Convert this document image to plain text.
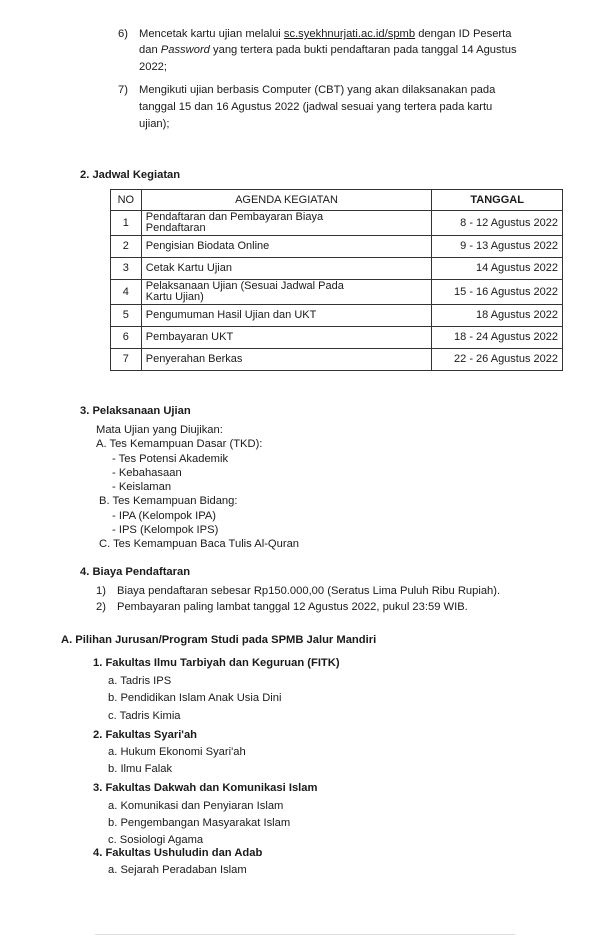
6) Mencetak kartu ujian melalui sc.syekhnurjati.ac.id/spmb dengan ID Peserta
dan Password yang tertera pada bukti pendaftaran pada tanggal 14 Agustus
2022;
7) Mengikuti ujian berbasis Computer (CBT) yang akan dilaksanakan pada
tanggal 15 dan 16 Agustus 2022 (jadwal sesuai yang tertera pada kartu
ujian);
2. Jadwal Kegiatan
NO	AGENDA KEGIATAN	TANGGAL
1	Pendaftaran dan Pembayaran Biaya
Pendaftaran	8 - 12 Agustus 2022
2	Pengisian Biodata Online	9 - 13 Agustus 2022
3	Cetak Kartu Ujian	14 Agustus 2022
4	Pelaksanaan Ujian (Sesuai Jadwal Pada
Kartu Ujian)	15 - 16 Agustus 2022
5	Pengumuman Hasil Ujian dan UKT	18 Agustus 2022
6	Pembayaran UKT	18 - 24 Agustus 2022
7	Penyerahan Berkas	22 - 26 Agustus 2022
3. Pelaksanaan Ujian
Mata Ujian yang Diujikan:
A. Tes Kemampuan Dasar (TKD):
- Tes Potensi Akademik
- Kebahasaan
- Keislaman
B. Tes Kemampuan Bidang:
- IPA (Kelompok IPA)
- IPS (Kelompok IPS)
C. Tes Kemampuan Baca Tulis Al-Quran
4. Biaya Pendaftaran
1) Biaya pendaftaran sebesar Rp150.000,00 (Seratus Lima Puluh Ribu Rupiah).
2) Pembayaran paling lambat tanggal 12 Agustus 2022, pukul 23:59 WIB.
A. Pilihan Jurusan/Program Studi pada SPMB Jalur Mandiri
1. Fakultas Ilmu Tarbiyah dan Keguruan (FITK)
a. Tadris IPS
b. Pendidikan Islam Anak Usia Dini
c. Tadris Kimia
2. Fakultas Syari'ah
a. Hukum Ekonomi Syari'ah
b. Ilmu Falak
3. Fakultas Dakwah dan Komunikasi Islam
a. Komunikasi dan Penyiaran Islam
b. Pengembangan Masyarakat Islam
c. Sosiologi Agama
4. Fakultas Ushuludin dan Adab
a. Sejarah Peradaban Islam
